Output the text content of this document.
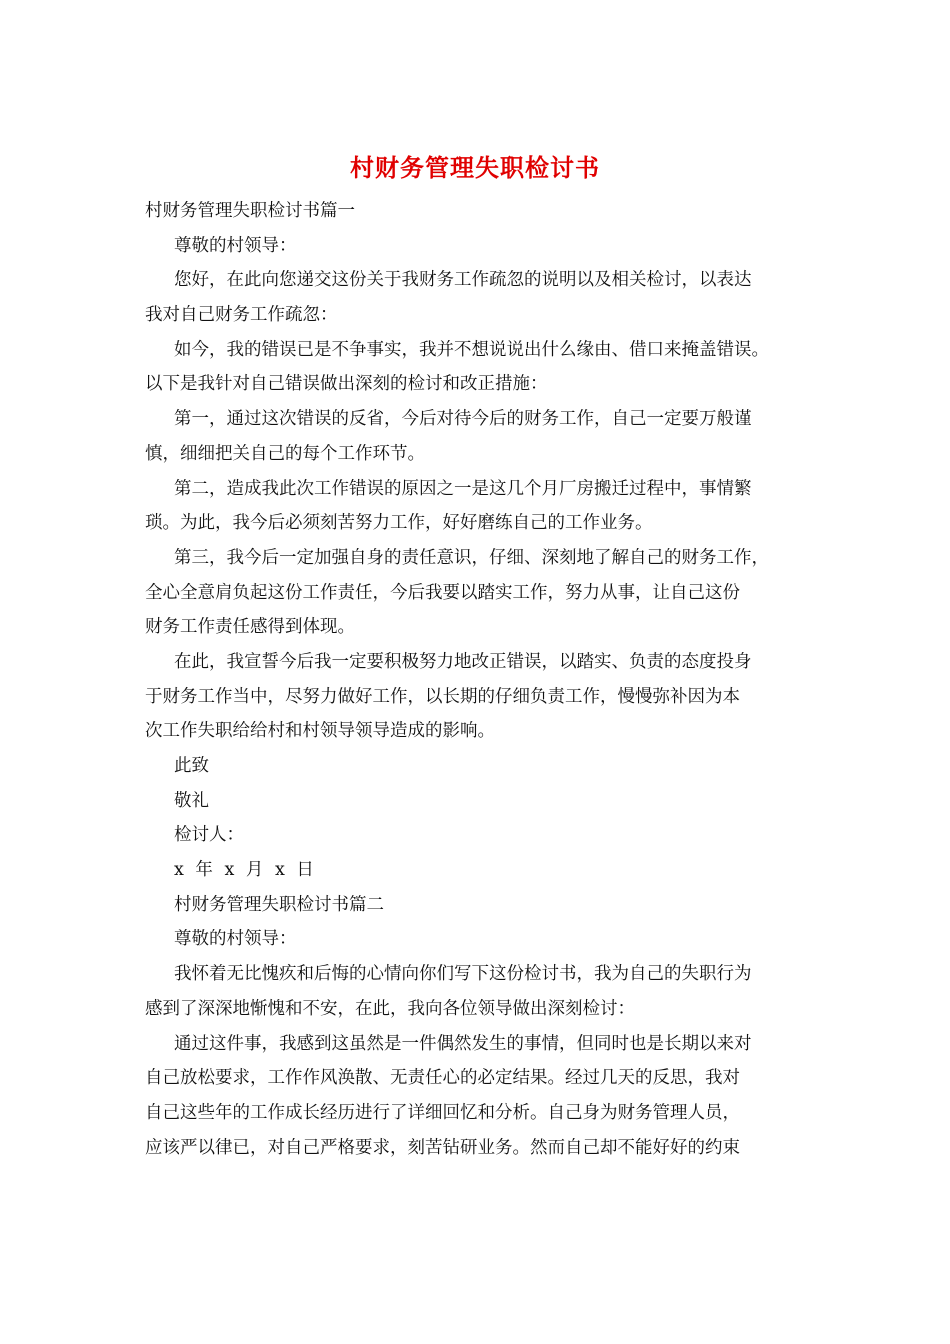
村财务管理失职检讨书
村财务管理失职检讨书篇一
尊敬的村领导：
您好，在此向您递交这份关于我财务工作疏忽的说明以及相关检讨，以表达
我对自己财务工作疏忽：
如今，我的错误已是不争事实，我并不想说说出什么缘由、借口来掩盖错误。
以下是我针对自己错误做出深刻的检讨和改正措施：
第一，通过这次错误的反省，今后对待今后的财务工作，自己一定要万般谨
慎，细细把关自己的每个工作环节。
第二，造成我此次工作错误的原因之一是这几个月厂房搬迁过程中，事情繁
琐。为此，我今后必须刻苦努力工作，好好磨练自己的工作业务。
第三，我今后一定加强自身的责任意识，仔细、深刻地了解自己的财务工作，
全心全意肩负起这份工作责任，今后我要以踏实工作，努力从事，让自己这份
财务工作责任感得到体现。
在此，我宣誓今后我一定要积极努力地改正错误，以踏实、负责的态度投身
于财务工作当中，尽努力做好工作，以长期的仔细负责工作，慢慢弥补因为本
次工作失职给给村和村领导领导造成的影响。
此致
敬礼
检讨人：
x 年 x 月 x 日
村财务管理失职检讨书篇二
尊敬的村领导：
我怀着无比愧疚和后悔的心情向你们写下这份检讨书，我为自己的失职行为
感到了深深地惭愧和不安，在此，我向各位领导做出深刻检讨：
通过这件事，我感到这虽然是一件偶然发生的事情，但同时也是长期以来对
自己放松要求，工作作风涣散、无责任心的必定结果。经过几天的反思，我对
自己这些年的工作成长经历进行了详细回忆和分析。自己身为财务管理人员，
应该严以律已，对自己严格要求，刻苦钻研业务。然而自己却不能好好的约束
